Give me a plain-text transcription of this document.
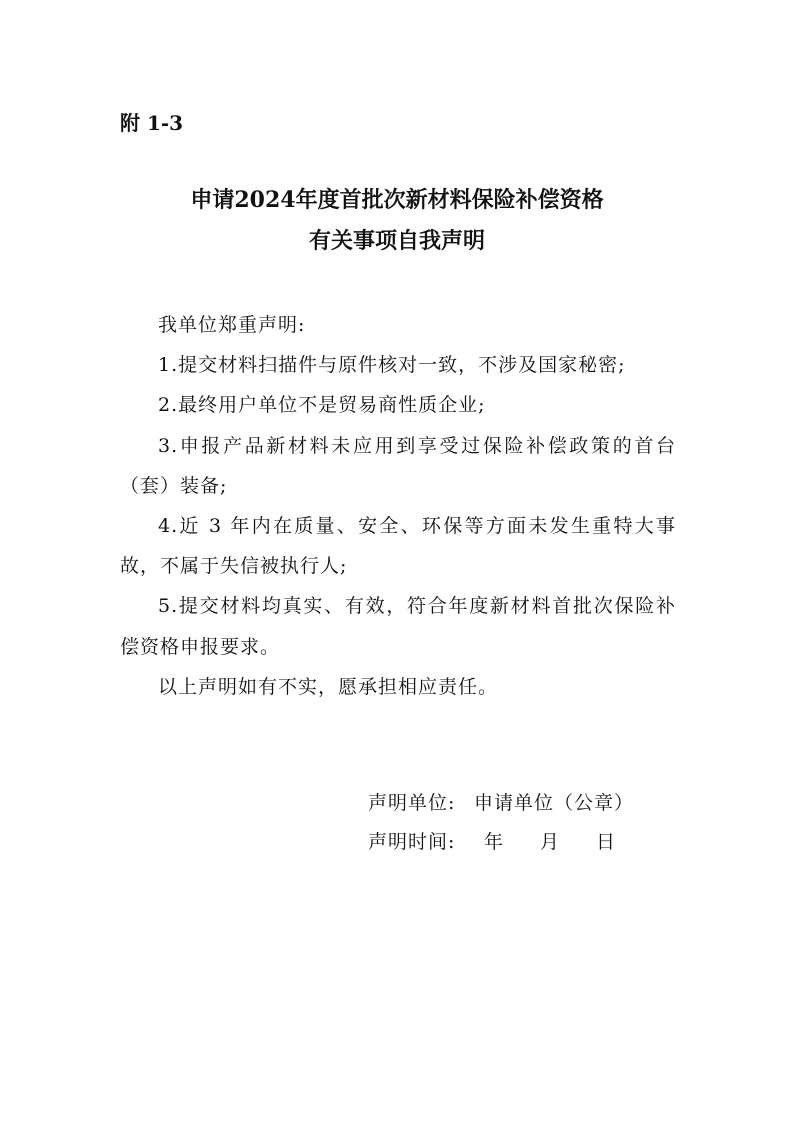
附 1-3
申请2024年度首批次新材料保险补偿资格
有关事项自我声明

我单位郑重声明:

1.提交材料扫描件与原件核对一致，不涉及国家秘密;

2.最终用户单位不是贸易商性质企业;

3.申报产品新材料未应用到享受过保险补偿政策的首台（套）装备;

4.近 3 年内在质量、安全、环保等方面未发生重特大事故，不属于失信被执行人;

5.提交材料均真实、有效，符合年度新材料首批次保险补偿资格申报要求。

以上声明如有不实，愿承担相应责任。

声明单位: 申请单位（公章）
声明时间: 年 月 日
